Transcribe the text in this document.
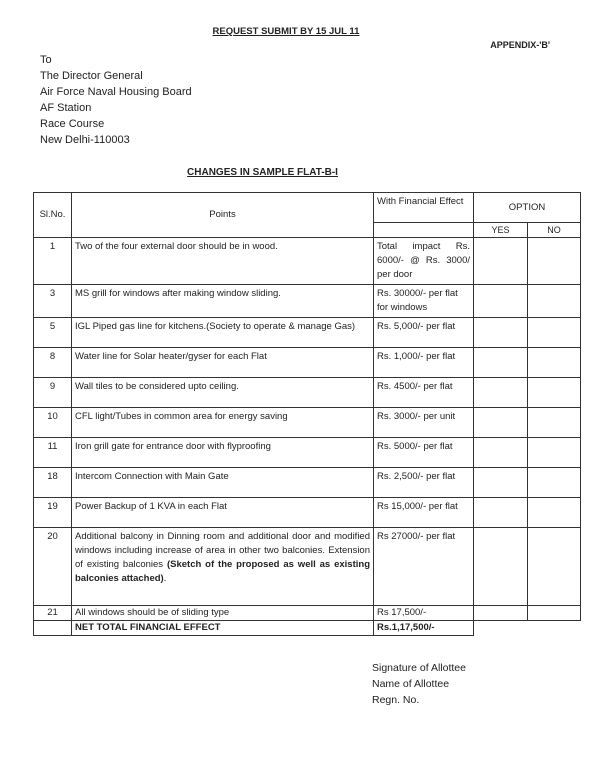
REQUEST SUBMIT BY 15 JUL 11
APPENDIX-'B'
To
The Director General
Air Force Naval Housing Board
AF Station
Race Course
New Delhi-110003
CHANGES IN SAMPLE FLAT-B-I
Sl.No.	Points	With Financial Effect	OPTION	
			YES	NO
1	Two of the four external door should be in wood.	Total impact Rs. 6000/- @ Rs. 3000/ per door		
3	MS grill for windows after making window sliding.	Rs. 30000/- per flat for windows		
5	IGL Piped gas line for kitchens.(Society to operate & manage Gas)	Rs. 5,000/- per flat		
8	Water line for Solar heater/gyser for each Flat	Rs. 1,000/- per flat		
9	Wall tiles to be considered upto ceiling.	Rs. 4500/- per flat		
10	CFL light/Tubes in common area for energy saving	Rs. 3000/- per unit		
11	Iron grill gate for entrance door with flyproofing	Rs. 5000/- per flat		
18	Intercom Connection with Main Gate	Rs. 2,500/- per flat		
19	Power Backup of 1 KVA in each Flat	Rs 15,000/- per flat		
20	Additional balcony in Dinning room and additional door and modified windows including increase of area in other two balconies. Extension of existing balconies (Sketch of the proposed as well as existing balconies attached).	Rs 27000/- per flat		
21	All windows should be of sliding type	Rs 17,500/-		
	NET TOTAL FINANCIAL EFFECT	Rs.1,17,500/-		
Signature of Allottee
Name of Allottee
Regn. No.
